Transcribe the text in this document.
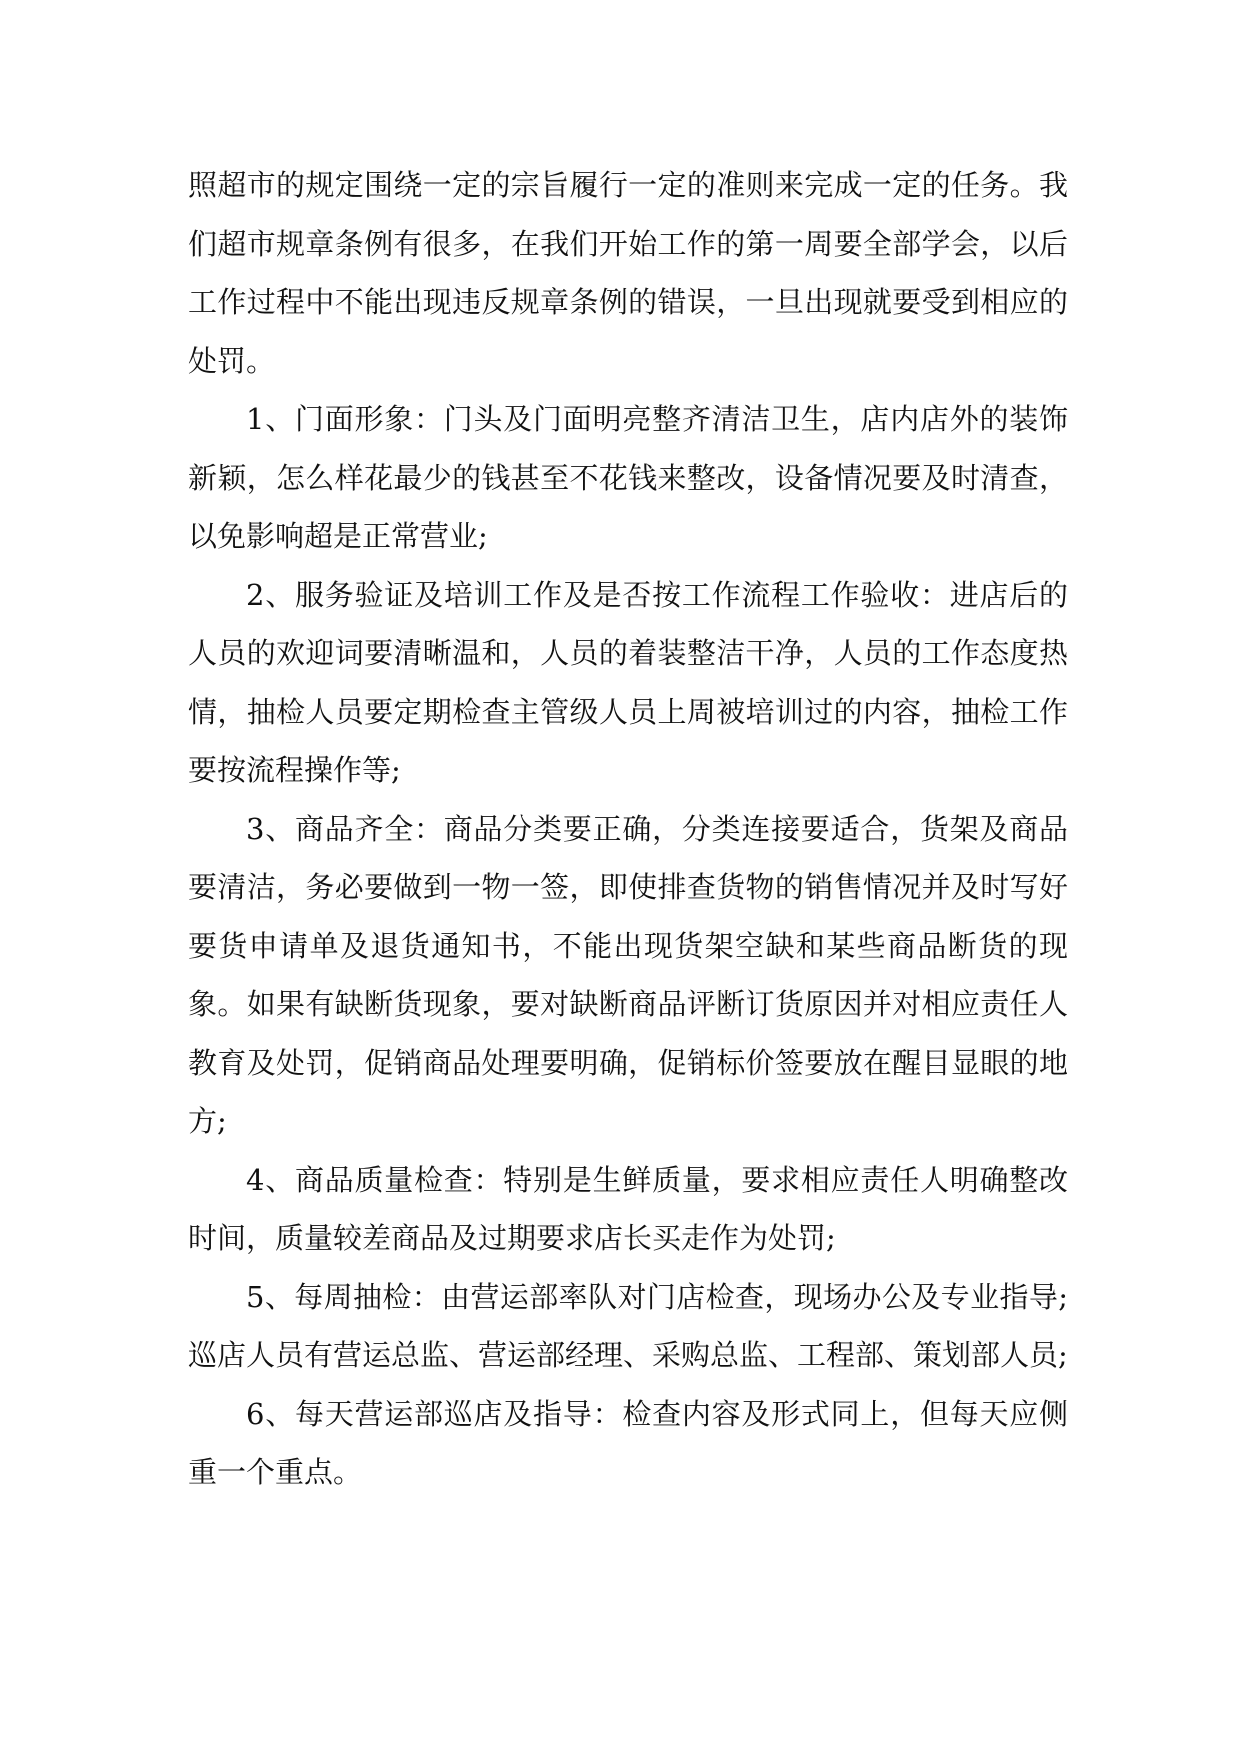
照超市的规定围绕一定的宗旨履行一定的准则来完成一定的任务。我们超市规章条例有很多，在我们开始工作的第一周要全部学会，以后工作过程中不能出现违反规章条例的错误，一旦出现就要受到相应的处罚。

1、门面形象：门头及门面明亮整齐清洁卫生，店内店外的装饰新颖，怎么样花最少的钱甚至不花钱来整改，设备情况要及时清查，以免影响超是正常营业;

2、服务验证及培训工作及是否按工作流程工作验收：进店后的人员的欢迎词要清晰温和，人员的着装整洁干净，人员的工作态度热情，抽检人员要定期检查主管级人员上周被培训过的内容，抽检工作要按流程操作等;

3、商品齐全：商品分类要正确，分类连接要适合，货架及商品要清洁，务必要做到一物一签，即使排查货物的销售情况并及时写好要货申请单及退货通知书，不能出现货架空缺和某些商品断货的现象。如果有缺断货现象，要对缺断商品评断订货原因并对相应责任人教育及处罚，促销商品处理要明确，促销标价签要放在醒目显眼的地方;

4、商品质量检查：特别是生鲜质量，要求相应责任人明确整改时间，质量较差商品及过期要求店长买走作为处罚;

5、每周抽检：由营运部率队对门店检查，现场办公及专业指导;巡店人员有营运总监、营运部经理、采购总监、工程部、策划部人员;

6、每天营运部巡店及指导：检查内容及形式同上，但每天应侧重一个重点。
